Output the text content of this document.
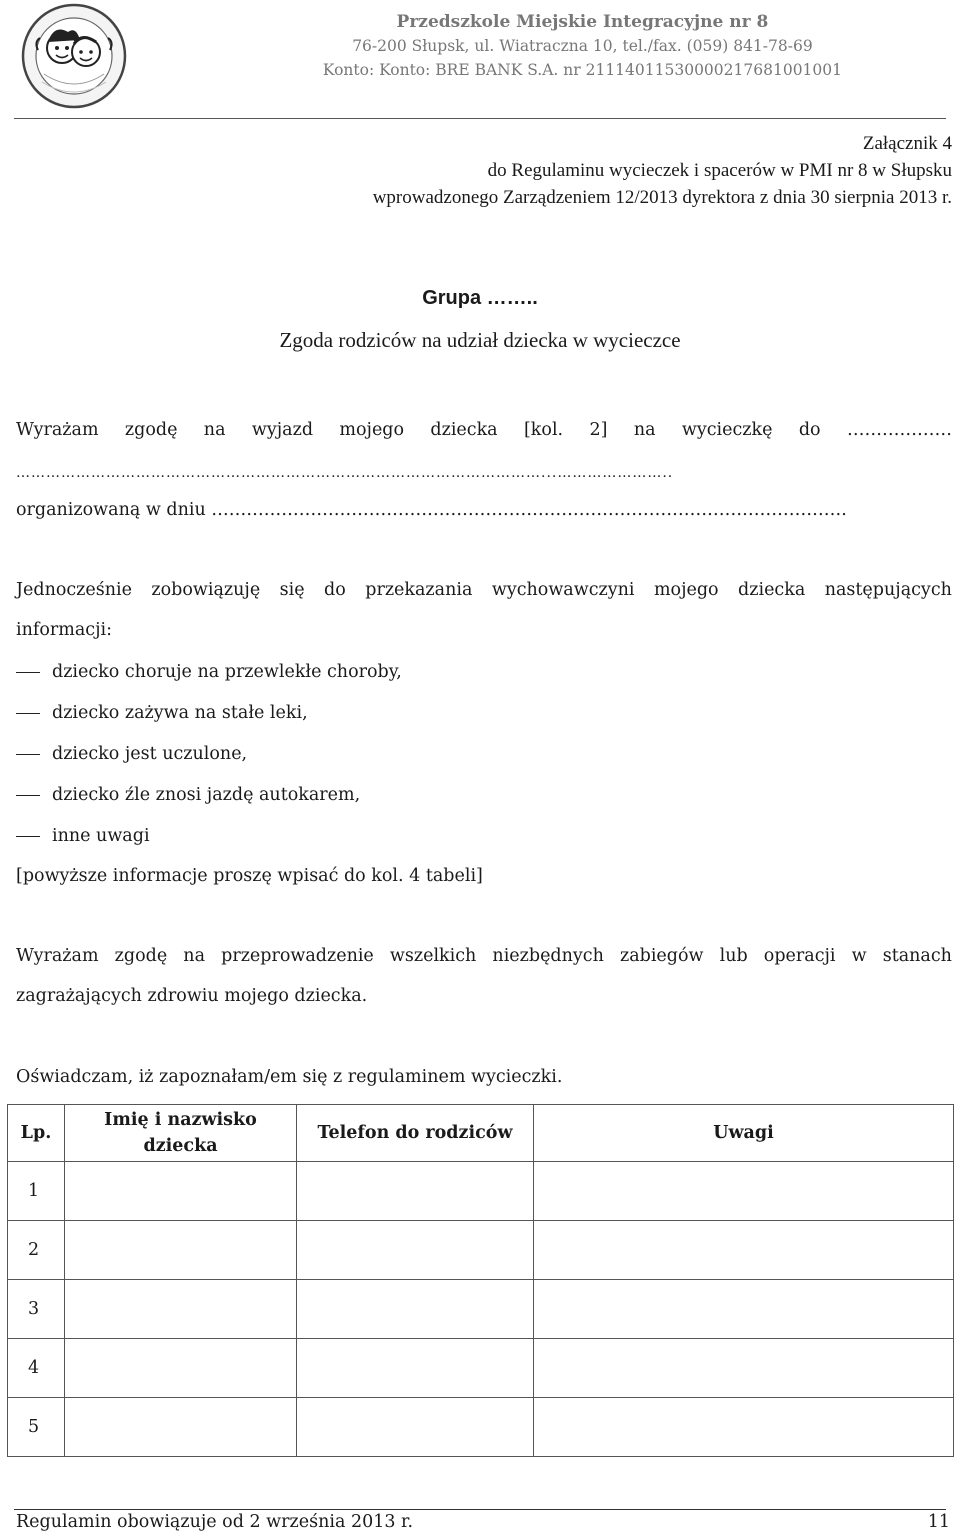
Przedszkole Miejskie Integracyjne nr 8
76-200 Słupsk, ul. Wiatraczna 10, tel./fax. (059) 841-78-69
Konto: Konto: BRE BANK S.A. nr 21114011530000217681001001
Załącznik 4
do Regulaminu wycieczek i spacerów w PMI nr 8 w Słupsku
wprowadzonego Zarządzeniem 12/2013 dyrektora z dnia 30 sierpnia 2013 r.
Grupa ……..
Zgoda rodziców na udział dziecka w wycieczce
Wyrażam zgodę na wyjazd mojego dziecka [kol. 2] na wycieczkę do ………………
……………………………………………………………………………………………...…………………..
organizowaną w dniu ……………………………………………………………………………………………….
Jednocześnie zobowiązuję się do przekazania wychowawczyni mojego dziecka następujących
informacji:
dziecko choruje na przewlekłe choroby,
dziecko zażywa na stałe leki,
dziecko jest uczulone,
dziecko źle znosi jazdę autokarem,
inne uwagi
[powyższe informacje proszę wpisać do kol. 4 tabeli]
Wyrażam zgodę na przeprowadzenie wszelkich niezbędnych zabiegów lub operacji w stanach
zagrażających zdrowiu mojego dziecka.
Oświadczam, iż zapoznałam/em się z regulaminem wycieczki.
Lp.	Imię i nazwisko dziecka	Telefon do rodziców	Uwagi
1			
2			
3			
4			
5			
Regulamin obowiązuje od 2 września 2013 r.	11
